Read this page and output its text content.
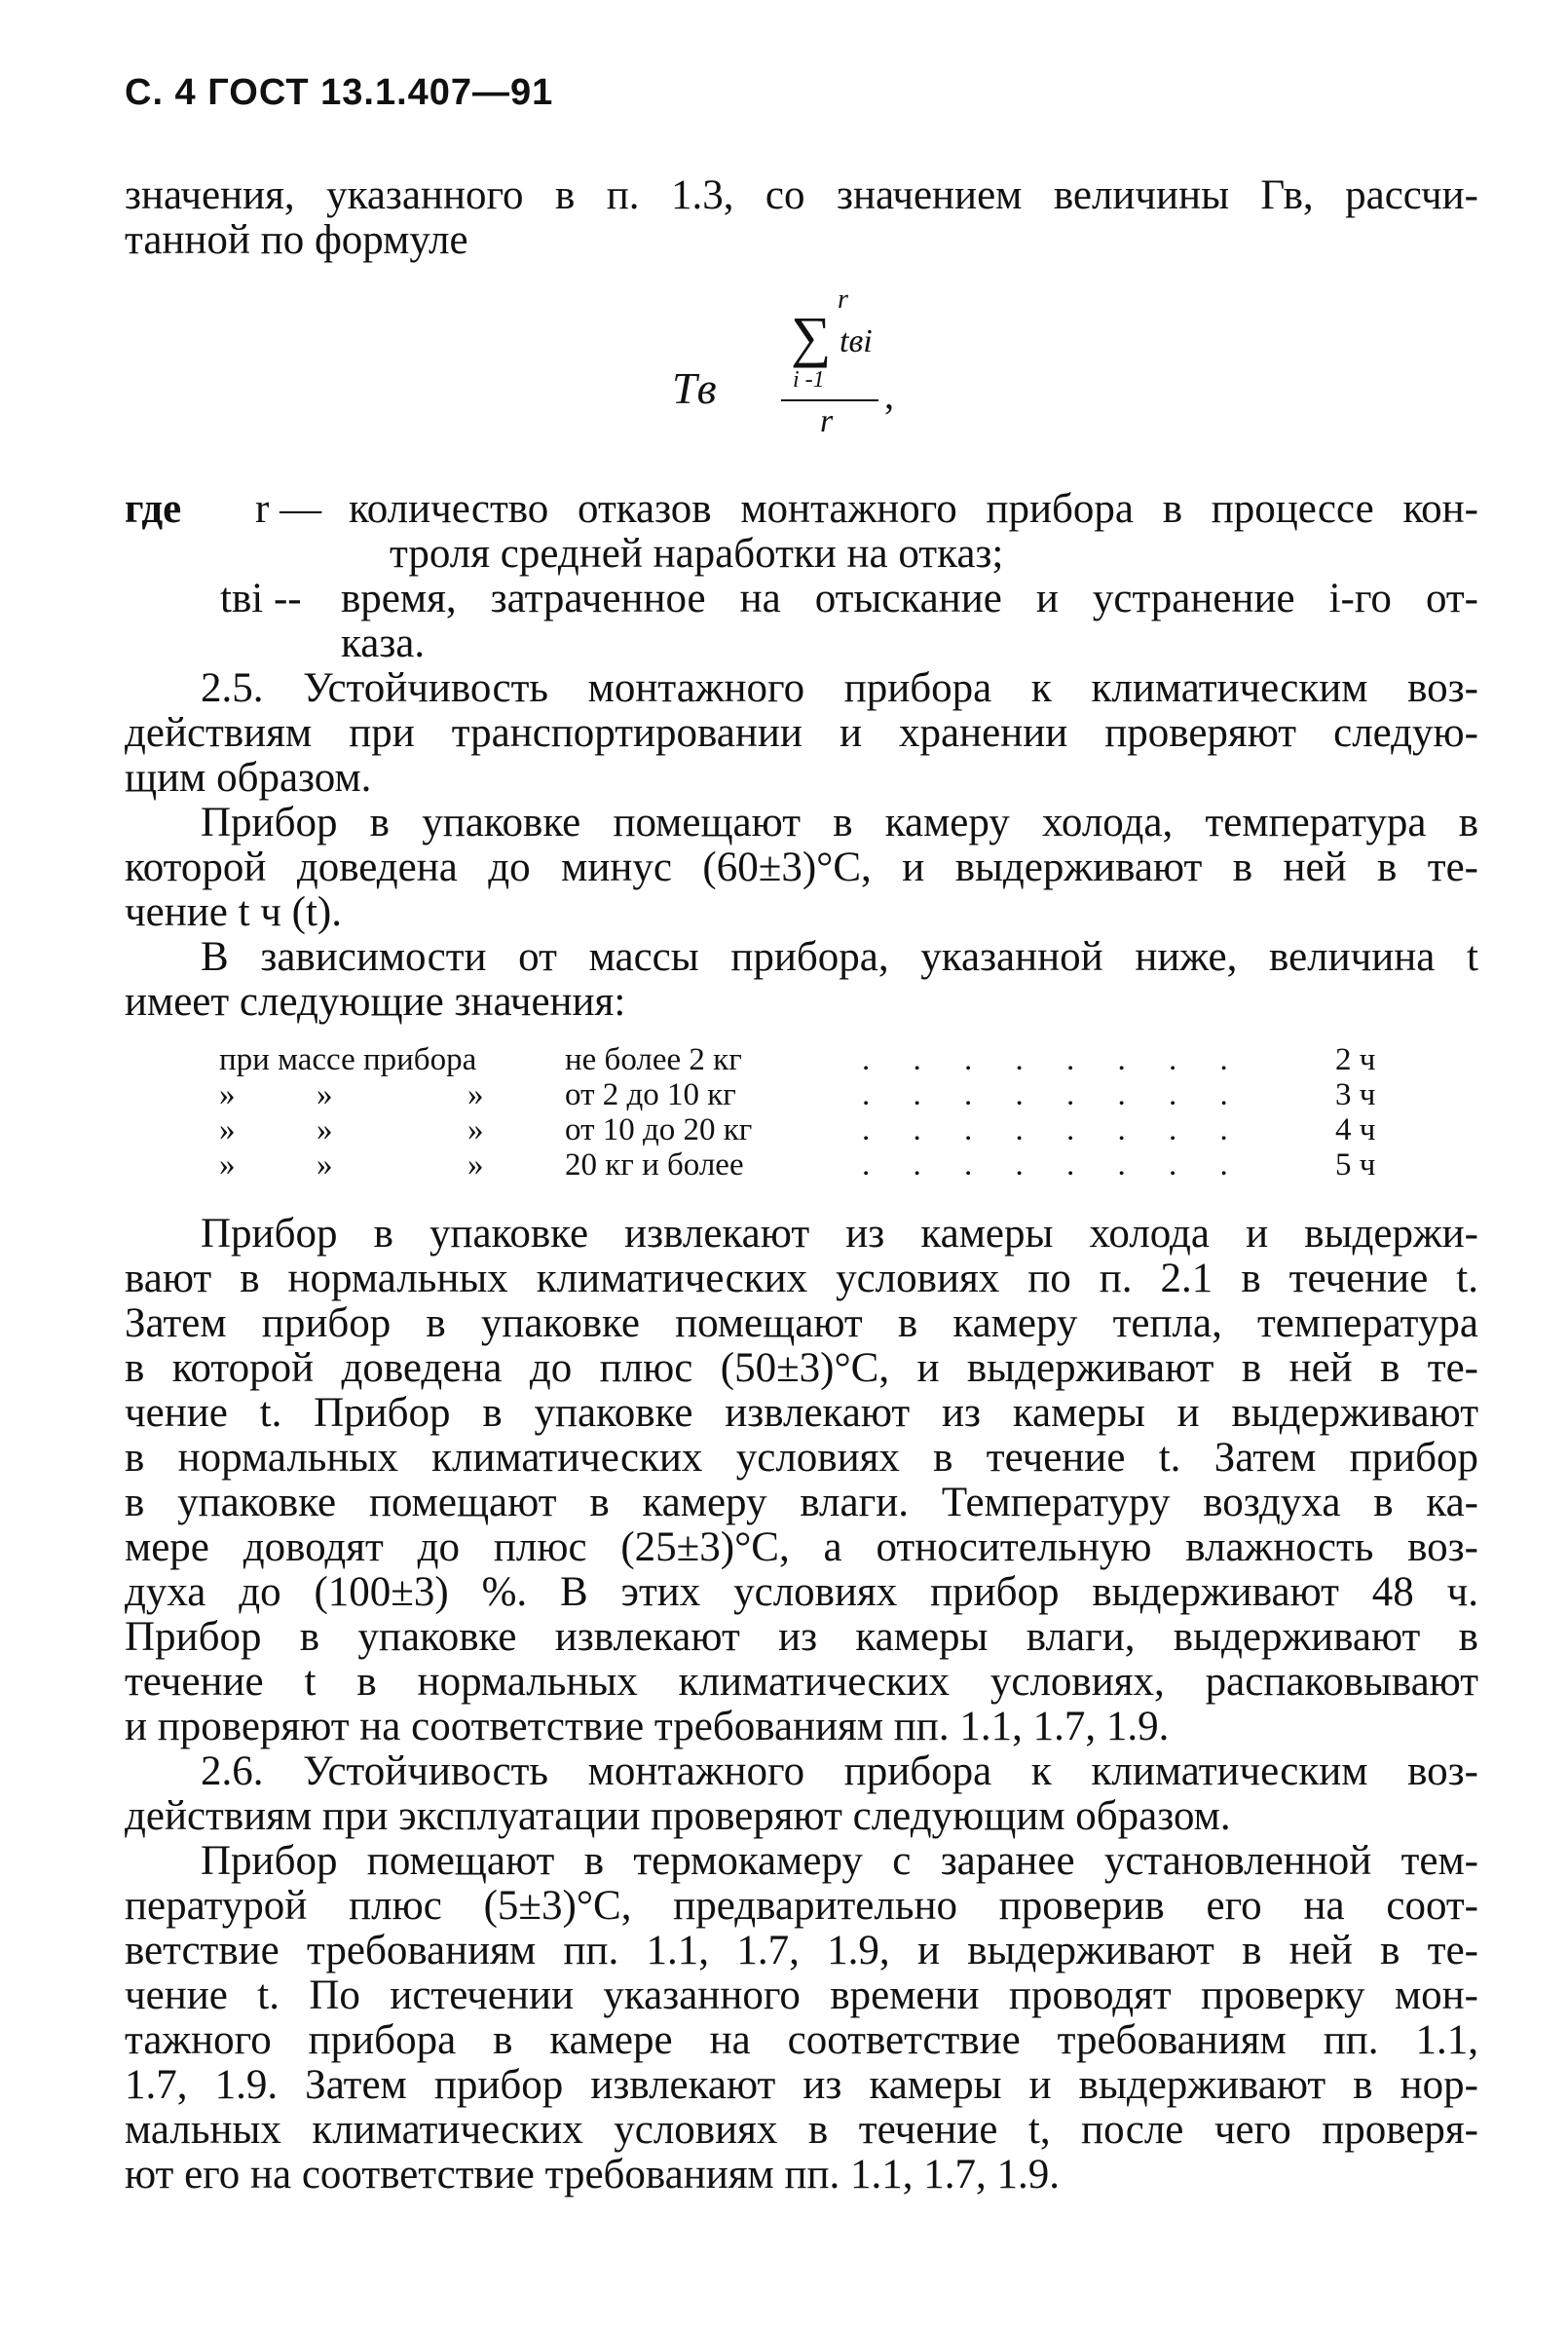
С. 4 ГОСТ 13.1.407—91
значения, указанного в п. 1.3, со значением величины Гв, рассчи-
танной по формуле
Tв
r
∑ tвi
i -1
r
,
где r — количество отказов монтажного прибора в процессе кон-
троля средней наработки на отказ;
tвi -- время, затраченное на отыскание и устранение i-го от-
каза.
2.5. Устойчивость монтажного прибора к климатическим воз-
действиям при транспортировании и хранении проверяют следую-
щим образом.
Прибор в упаковке помещают в камеру холода, температура в
которой доведена до минус (60±3)°С, и выдерживают в ней в те-
чение t ч (t).
В зависимости от массы прибора, указанной ниже, величина t
имеет следующие значения:
при массе прибора	не более 2 кг	. . . . . . . .	2 ч
»	»	»	от 2 до 10 кг	. . . . . . . .	3 ч
»	»	»	от 10 до 20 кг	. . . . . . . .	4 ч
»	»	»	20 кг и более	. . . . . . . .	5 ч
Прибор в упаковке извлекают из камеры холода и выдержи-
вают в нормальных климатических условиях по п. 2.1 в течение t.
Затем прибор в упаковке помещают в камеру тепла, температура
в которой доведена до плюс (50±3)°С, и выдерживают в ней в те-
чение t. Прибор в упаковке извлекают из камеры и выдерживают
в нормальных климатических условиях в течение t. Затем прибор
в упаковке помещают в камеру влаги. Температуру воздуха в ка-
мере доводят до плюс (25±3)°С, а относительную влажность воз-
духа до (100±3) %. В этих условиях прибор выдерживают 48 ч.
Прибор в упаковке извлекают из камеры влаги, выдерживают в
течение t в нормальных климатических условиях, распаковывают
и проверяют на соответствие требованиям пп. 1.1, 1.7, 1.9.
2.6. Устойчивость монтажного прибора к климатическим воз-
действиям при эксплуатации проверяют следующим образом.
Прибор помещают в термокамеру с заранее установленной тем-
пературой плюс (5±3)°С, предварительно проверив его на соот-
ветствие требованиям пп. 1.1, 1.7, 1.9, и выдерживают в ней в те-
чение t. По истечении указанного времени проводят проверку мон-
тажного прибора в камере на соответствие требованиям пп. 1.1,
1.7, 1.9. Затем прибор извлекают из камеры и выдерживают в нор-
мальных климатических условиях в течение t, после чего проверя-
ют его на соответствие требованиям пп. 1.1, 1.7, 1.9.
